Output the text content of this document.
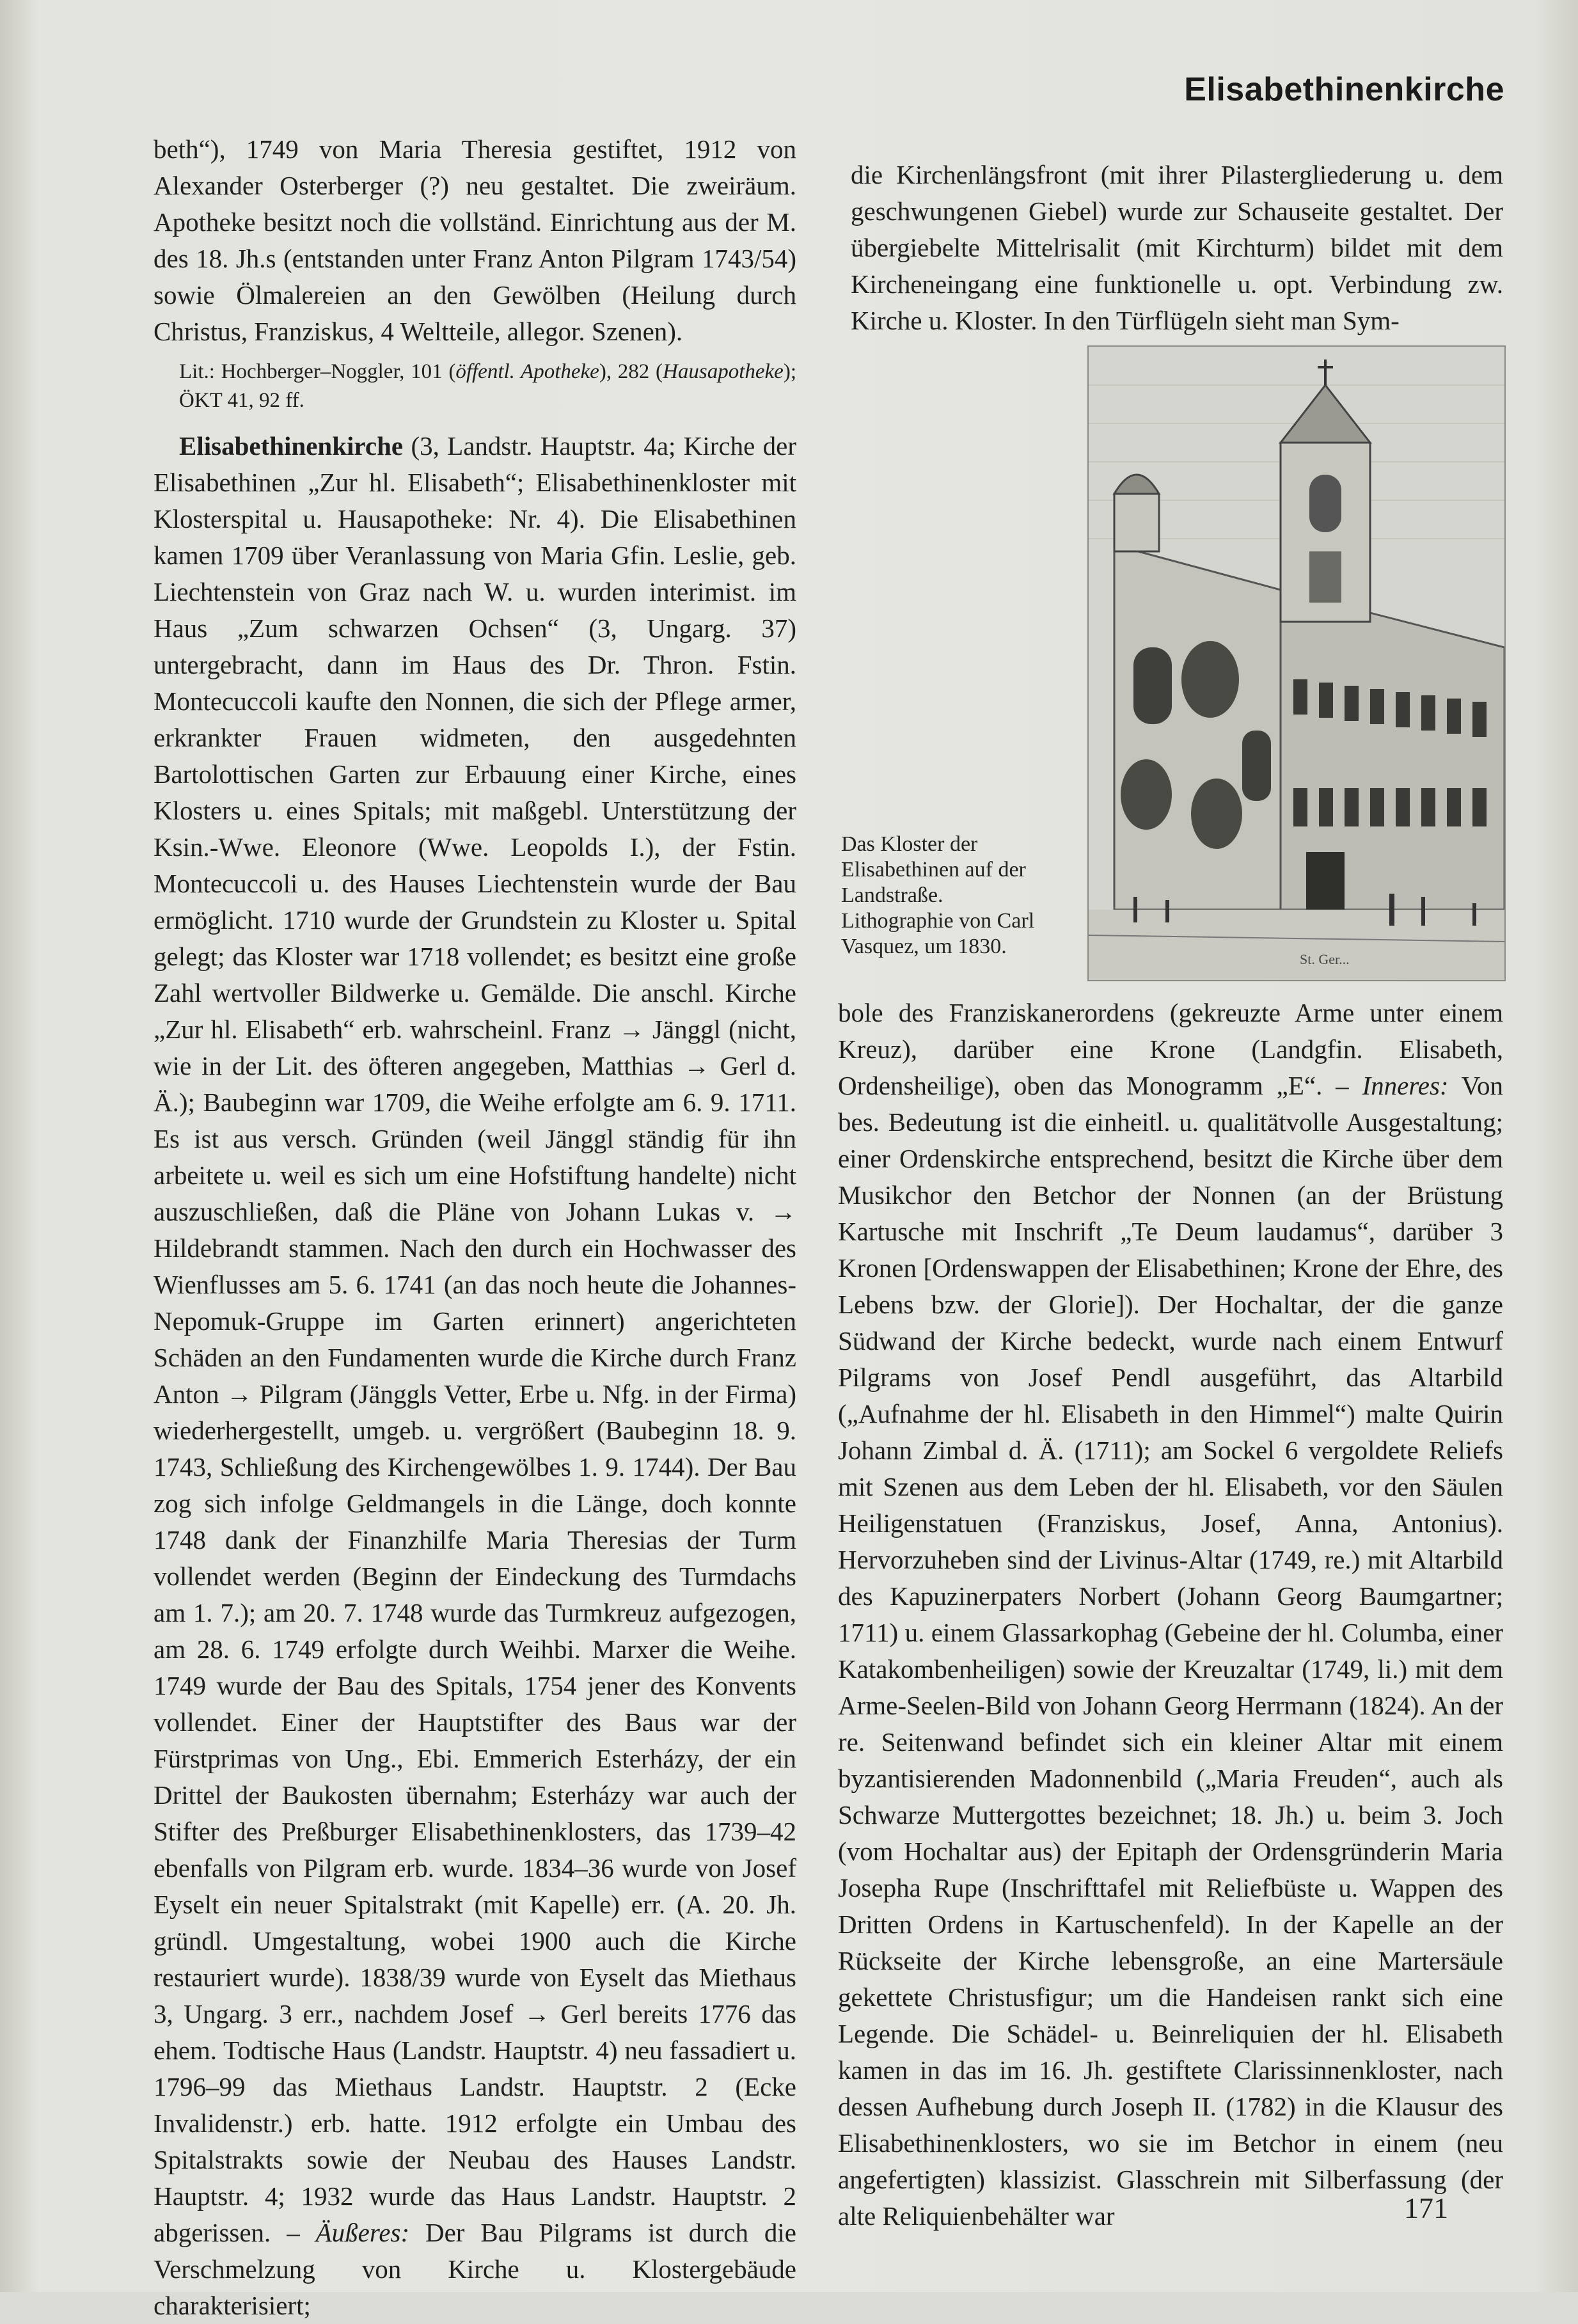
Elisabethinenkirche

beth“), 1749 von Maria Theresia gestiftet, 1912 von Alexander Osterberger (?) neu gestaltet. Die zweiräum. Apotheke besitzt noch die vollständ. Einrichtung aus der M. des 18. Jh.s (entstanden unter Franz Anton Pilgram 1743/54) sowie Ölmalereien an den Gewölben (Heilung durch Christus, Franziskus, 4 Weltteile, allegor. Szenen).

Lit.: Hochberger–Noggler, 101 (öffentl. Apotheke), 282 (Hausapotheke); ÖKT 41, 92 ff.

Elisabethinenkirche (3, Landstr. Hauptstr. 4a; Kirche der Elisabethinen „Zur hl. Elisabeth“; Elisabethinenkloster mit Klosterspital u. Hausapotheke: Nr. 4). Die Elisabethinen kamen 1709 über Veranlassung von Maria Gfin. Leslie, geb. Liechtenstein von Graz nach W. u. wurden interimist. im Haus „Zum schwarzen Ochsen“ (3, Ungarg. 37) untergebracht, dann im Haus des Dr. Thron. Fstin. Montecuccoli kaufte den Nonnen, die sich der Pflege armer, erkrankter Frauen widmeten, den ausgedehnten Bartolottischen Garten zur Erbauung einer Kirche, eines Klosters u. eines Spitals; mit maßgebl. Unterstützung der Ksin.-Wwe. Eleonore (Wwe. Leopolds I.), der Fstin. Montecuccoli u. des Hauses Liechtenstein wurde der Bau ermöglicht. 1710 wurde der Grundstein zu Kloster u. Spital gelegt; das Kloster war 1718 vollendet; es besitzt eine große Zahl wertvoller Bildwerke u. Gemälde. Die anschl. Kirche „Zur hl. Elisabeth“ erb. wahrscheinl. Franz → Jänggl (nicht, wie in der Lit. des öfteren angegeben, Matthias → Gerl d. Ä.); Baubeginn war 1709, die Weihe erfolgte am 6. 9. 1711. Es ist aus versch. Gründen (weil Jänggl ständig für ihn arbeitete u. weil es sich um eine Hofstiftung handelte) nicht auszuschließen, daß die Pläne von Johann Lukas v. → Hildebrandt stammen. Nach den durch ein Hochwasser des Wienflusses am 5. 6. 1741 (an das noch heute die Johannes-Nepomuk-Gruppe im Garten erinnert) angerichteten Schäden an den Fundamenten wurde die Kirche durch Franz Anton → Pilgram (Jänggls Vetter, Erbe u. Nfg. in der Firma) wiederhergestellt, umgeb. u. vergrößert (Baubeginn 18. 9. 1743, Schließung des Kirchengewölbes 1. 9. 1744). Der Bau zog sich infolge Geldmangels in die Länge, doch konnte 1748 dank der Finanzhilfe Maria Theresias der Turm vollendet werden (Beginn der Eindeckung des Turmdachs am 1. 7.); am 20. 7. 1748 wurde das Turmkreuz aufgezogen, am 28. 6. 1749 erfolgte durch Weihbi. Marxer die Weihe. 1749 wurde der Bau des Spitals, 1754 jener des Konvents vollendet. Einer der Hauptstifter des Baus war der Fürstprimas von Ung., Ebi. Emmerich Esterházy, der ein Drittel der Baukosten übernahm; Esterházy war auch der Stifter des Preßburger Elisabethinenklosters, das 1739–42 ebenfalls von Pilgram erb. wurde. 1834–36 wurde von Josef Eyselt ein neuer Spitalstrakt (mit Kapelle) err. (A. 20. Jh. gründl. Umgestaltung, wobei 1900 auch die Kirche restauriert wurde). 1838/39 wurde von Eyselt das Miethaus 3, Ungarg. 3 err., nachdem Josef → Gerl bereits 1776 das ehem. Todtische Haus (Landstr. Hauptstr. 4) neu fassadiert u. 1796–99 das Miethaus Landstr. Hauptstr. 2 (Ecke Invalidenstr.) erb. hatte. 1912 erfolgte ein Umbau des Spitalstrakts sowie der Neubau des Hauses Landstr. Hauptstr. 4; 1932 wurde das Haus Landstr. Hauptstr. 2 abgerissen. – Äußeres: Der Bau Pilgrams ist durch die Verschmelzung von Kirche u. Klostergebäude charakterisiert;

die Kirchenlängsfront (mit ihrer Pilastergliederung u. dem geschwungenen Giebel) wurde zur Schauseite gestaltet. Der übergiebelte Mittelrisalit (mit Kirchturm) bildet mit dem Kircheneingang eine funktionelle u. opt. Verbindung zw. Kirche u. Kloster. In den Türflügeln sieht man Sym-

St. Ger...
Das Kloster der
Elisabethinen auf der
Landstraße.
Lithographie von Carl
Vasquez, um 1830.

bole des Franziskanerordens (gekreuzte Arme unter einem Kreuz), darüber eine Krone (Landgfin. Elisabeth, Ordensheilige), oben das Monogramm „E“. – Inneres: Von bes. Bedeutung ist die einheitl. u. qualitätvolle Ausgestaltung; einer Ordenskirche entsprechend, besitzt die Kirche über dem Musikchor den Betchor der Nonnen (an der Brüstung Kartusche mit Inschrift „Te Deum laudamus“, darüber 3 Kronen [Ordenswappen der Elisabethinen; Krone der Ehre, des Lebens bzw. der Glorie]). Der Hochaltar, der die ganze Südwand der Kirche bedeckt, wurde nach einem Entwurf Pilgrams von Josef Pendl ausgeführt, das Altarbild („Aufnahme der hl. Elisabeth in den Himmel“) malte Quirin Johann Zimbal d. Ä. (1711); am Sockel 6 vergoldete Reliefs mit Szenen aus dem Leben der hl. Elisabeth, vor den Säulen Heiligenstatuen (Franziskus, Josef, Anna, Antonius). Hervorzuheben sind der Livinus-Altar (1749, re.) mit Altarbild des Kapuzinerpaters Norbert (Johann Georg Baumgartner; 1711) u. einem Glassarkophag (Gebeine der hl. Columba, einer Katakombenheiligen) sowie der Kreuzaltar (1749, li.) mit dem Arme-Seelen-Bild von Johann Georg Herrmann (1824). An der re. Seitenwand befindet sich ein kleiner Altar mit einem byzantisierenden Madonnenbild („Maria Freuden“, auch als Schwarze Muttergottes bezeichnet; 18. Jh.) u. beim 3. Joch (vom Hochaltar aus) der Epitaph der Ordensgründerin Maria Josepha Rupe (Inschrifttafel mit Reliefbüste u. Wappen des Dritten Ordens in Kartuschenfeld). In der Kapelle an der Rückseite der Kirche lebensgroße, an eine Martersäule gekettete Christusfigur; um die Handeisen rankt sich eine Legende. Die Schädel- u. Beinreliquien der hl. Elisabeth kamen in das im 16. Jh. gestiftete Clarissinnenkloster, nach dessen Aufhebung durch Joseph II. (1782) in die Klausur des Elisabethinenklosters, wo sie im Betchor in einem (neu angefertigten) klassizist. Glasschrein mit Silberfassung (der alte Reliquienbehälter war	171
